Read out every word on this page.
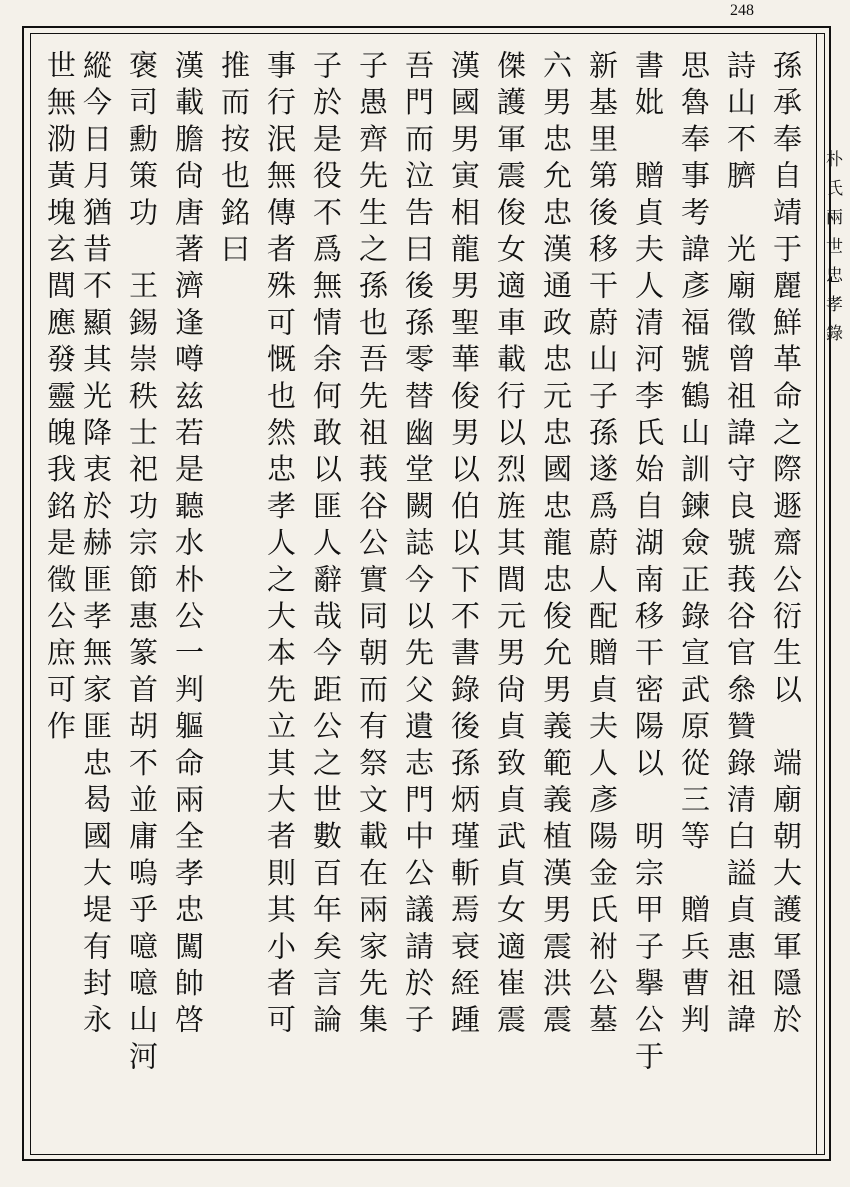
248
朴氏兩世忠孝錄
孫承奉自靖于麗鮮革命之際遯齋公衍生以　端廟朝大護軍隱於
詩山不臍　光廟徵曾祖諱守良號莪谷官叅贊錄清白謚貞惠祖諱
思魯奉事考諱彥福號鶴山訓鍊僉正錄宣武原從三等　贈兵曹判
書妣　贈貞夫人清河李氏始自湖南移干密陽以　明宗甲子擧公于
新基里第後移干蔚山子孫遂爲蔚人配贈貞夫人彥陽金氏祔公墓
六男忠允忠漢通政忠元忠國忠龍忠俊允男義範義植漢男震洪震
傑護軍震俊女適車載行以烈旌其閭元男尙貞致貞武貞女適崔震
漢國男寅相龍男聖華俊男以伯以下不書錄後孫炳瑾斬焉衰絰踵
吾門而泣告曰後孫零替幽堂闕誌今以先父遺志門中公議請於子
子愚齊先生之孫也吾先祖莪谷公實同朝而有祭文載在兩家先集
子於是役不爲無情余何敢以匪人辭哉今距公之世數百年矣言論
事行泯無傳者殊可慨也然忠孝人之大本先立其大者則其小者可
推而按也銘曰
漢載膽尙唐著濟逢噂兹若是聽水朴公一判軀命兩全孝忠闖帥啓
褒司勳策功　王錫崇秩士祀功宗節惠篆首胡不並庸嗚乎噫噫山河
縱今日月猶昔不顯其光降衷於赫匪孝無家匪忠曷國大堤有封永
世無泐黃塊玄閭應發靈魄我銘是徵公庶可作
